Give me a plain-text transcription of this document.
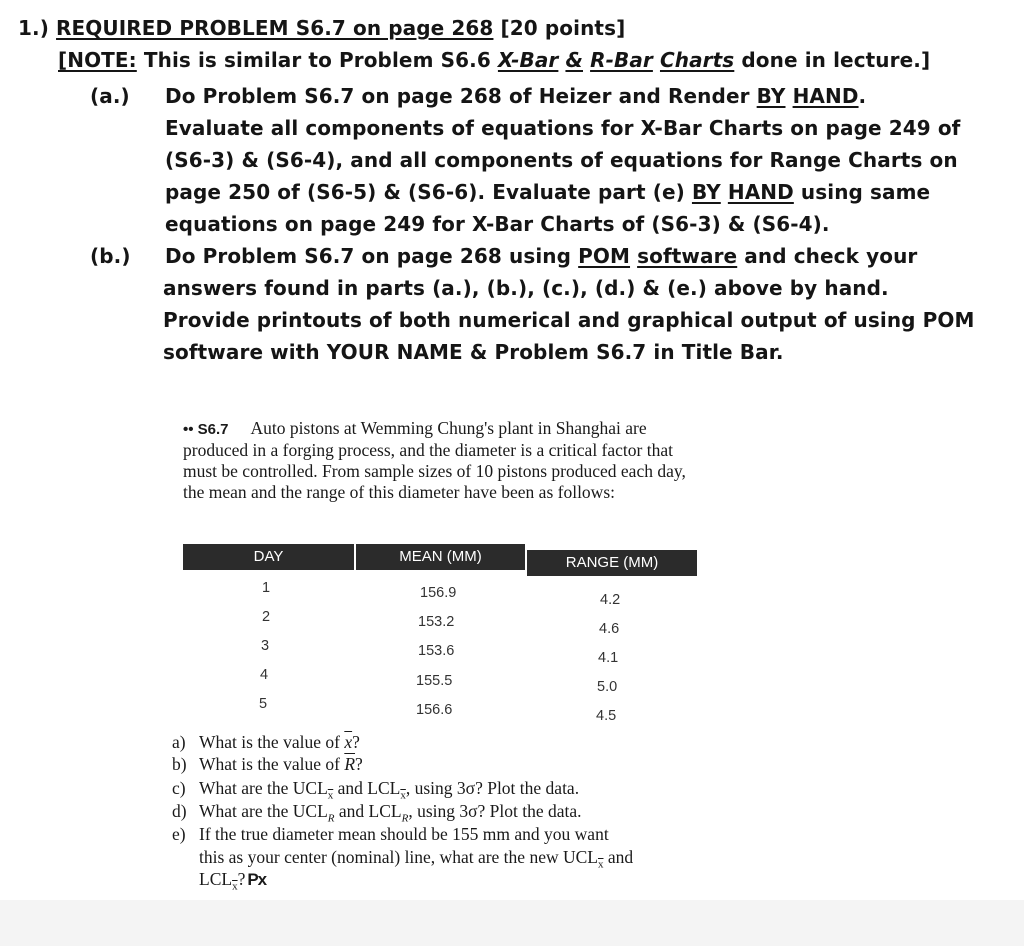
1.) REQUIRED PROBLEM S6.7 on page 268 [20 points]
[NOTE: This is similar to Problem S6.6 X-Bar & R-Bar Charts done in lecture.]
(a.) Do Problem S6.7 on page 268 of Heizer and Render BY HAND.
Evaluate all components of equations for X-Bar Charts on page 249 of
(S6-3) & (S6-4), and all components of equations for Range Charts on
page 250 of (S6-5) & (S6-6). Evaluate part (e) BY HAND using same
equations on page 249 for X-Bar Charts of (S6-3) & (S6-4).
(b.) Do Problem S6.7 on page 268 using POM software and check your
answers found in parts (a.), (b.), (c.), (d.) & (e.) above by hand.
Provide printouts of both numerical and graphical output of using POM
software with YOUR NAME & Problem S6.7 in Title Bar.
•• S6.7 Auto pistons at Wemming Chung's plant in Shanghai are produced in a forging process, and the diameter is a critical factor that must be controlled. From sample sizes of 10 pistons produced each day, the mean and the range of this diameter have been as follows:
DAY	MEAN (MM)	RANGE (MM)
1	156.9	4.2
2	153.2	4.6
3	153.6	4.1
4	155.5	5.0
5	156.6	4.5
a) What is the value of $\overline{x}$?
b) What is the value of $\overline{R}$?
c) What are the $UCL_{\overline{x}}$ and $LCL_{\overline{x}}$, using 3σ? Plot the data.
d) What are the $UCL_R$ and $LCL_R$, using 3σ? Plot the data.
e) If the true diameter mean should be 155 mm and you want
this as your center (nominal) line, what are the new $UCL_{\overline{x}}$ and
$LCL_{\overline{x}}$? Px
